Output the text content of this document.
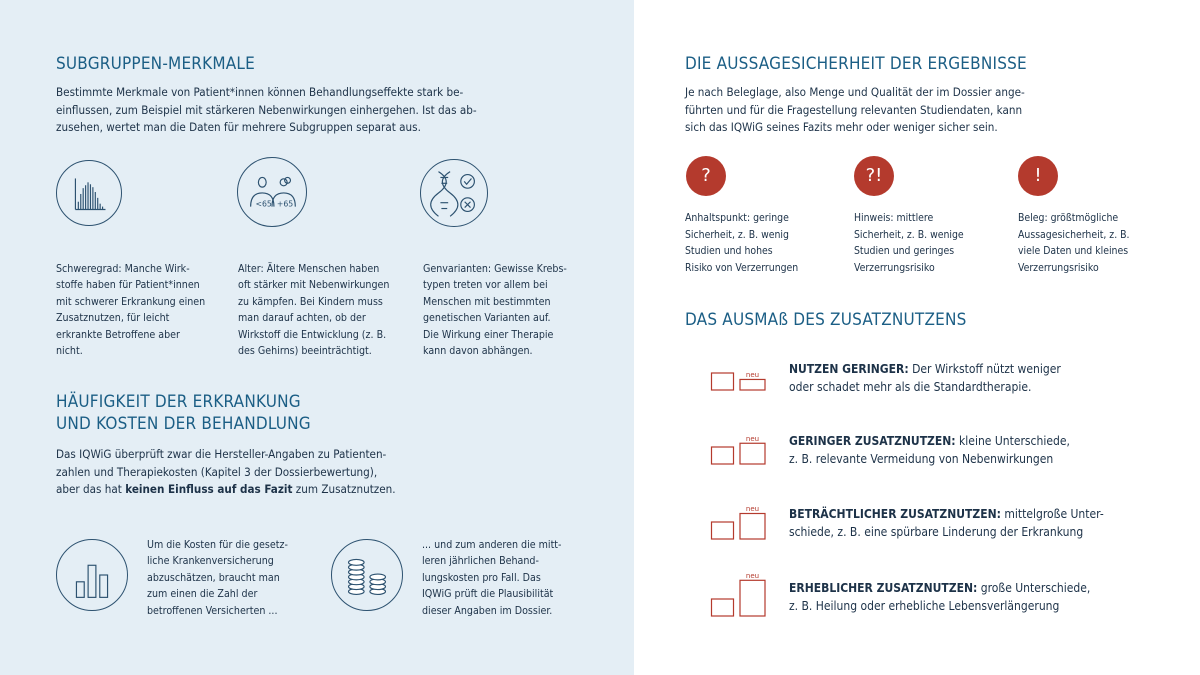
SUBGRUPPEN-MERKMALE
Bestimmte Merkmale von Patient*innen können Behandlungseffekte stark be-
einflussen, zum Beispiel mit stärkeren Nebenwirkungen einhergehen. Ist das ab-
zusehen, wertet man die Daten für mehrere Subgruppen separat aus.
Schweregrad: Manche Wirk-
stoffe haben für Patient*innen
mit schwerer Erkrankung einen
Zusatznutzen, für leicht
erkrankte Betroffene aber
nicht.
<65 +65
Alter: Ältere Menschen haben
oft stärker mit Nebenwirkungen
zu kämpfen. Bei Kindern muss
man darauf achten, ob der
Wirkstoff die Entwicklung (z. B.
des Gehirns) beeinträchtigt.
Genvarianten: Gewisse Krebs-
typen treten vor allem bei
Menschen mit bestimmten
genetischen Varianten auf.
Die Wirkung einer Therapie
kann davon abhängen.
HÄUFIGKEIT DER ERKRANKUNG
UND KOSTEN DER BEHANDLUNG
Das IQWiG überprüft zwar die Hersteller-Angaben zu Patienten-
zahlen und Therapiekosten (Kapitel 3 der Dossierbewertung),
aber das hat keinen Einfluss auf das Fazit zum Zusatznutzen.
Um die Kosten für die gesetz-
liche Krankenversicherung
abzuschätzen, braucht man
zum einen die Zahl der
betroffenen Versicherten ...
... und zum anderen die mitt-
leren jährlichen Behand-
lungskosten pro Fall. Das
IQWiG prüft die Plausibilität
dieser Angaben im Dossier.
DIE AUSSAGESICHERHEIT DER ERGEBNISSE
Je nach Beleglage, also Menge und Qualität der im Dossier ange-
führten und für die Fragestellung relevanten Studiendaten, kann
sich das IQWiG seines Fazits mehr oder weniger sicher sein.
?
Anhaltspunkt: geringe
Sicherheit, z. B. wenig
Studien und hohes
Risiko von Verzerrungen
?!
Hinweis: mittlere
Sicherheit, z. B. wenige
Studien und geringes
Verzerrungsrisiko
!
Beleg: größtmögliche
Aussagesicherheit, z. B.
viele Daten und kleines
Verzerrungsrisiko
DAS AUSMAß DES ZUSATZNUTZENS
neu NUTZEN GERINGER: Der Wirkstoff nützt weniger
oder schadet mehr als die Standardtherapie.
neu GERINGER ZUSATZNUTZEN: kleine Unterschiede,
z. B. relevante Vermeidung von Nebenwirkungen
neu BETRÄCHTLICHER ZUSATZNUTZEN: mittelgroße Unter-
schiede, z. B. eine spürbare Linderung der Erkrankung
neu
ERHEBLICHER ZUSATZNUTZEN: große Unterschiede,
z. B. Heilung oder erhebliche Lebensverlängerung
